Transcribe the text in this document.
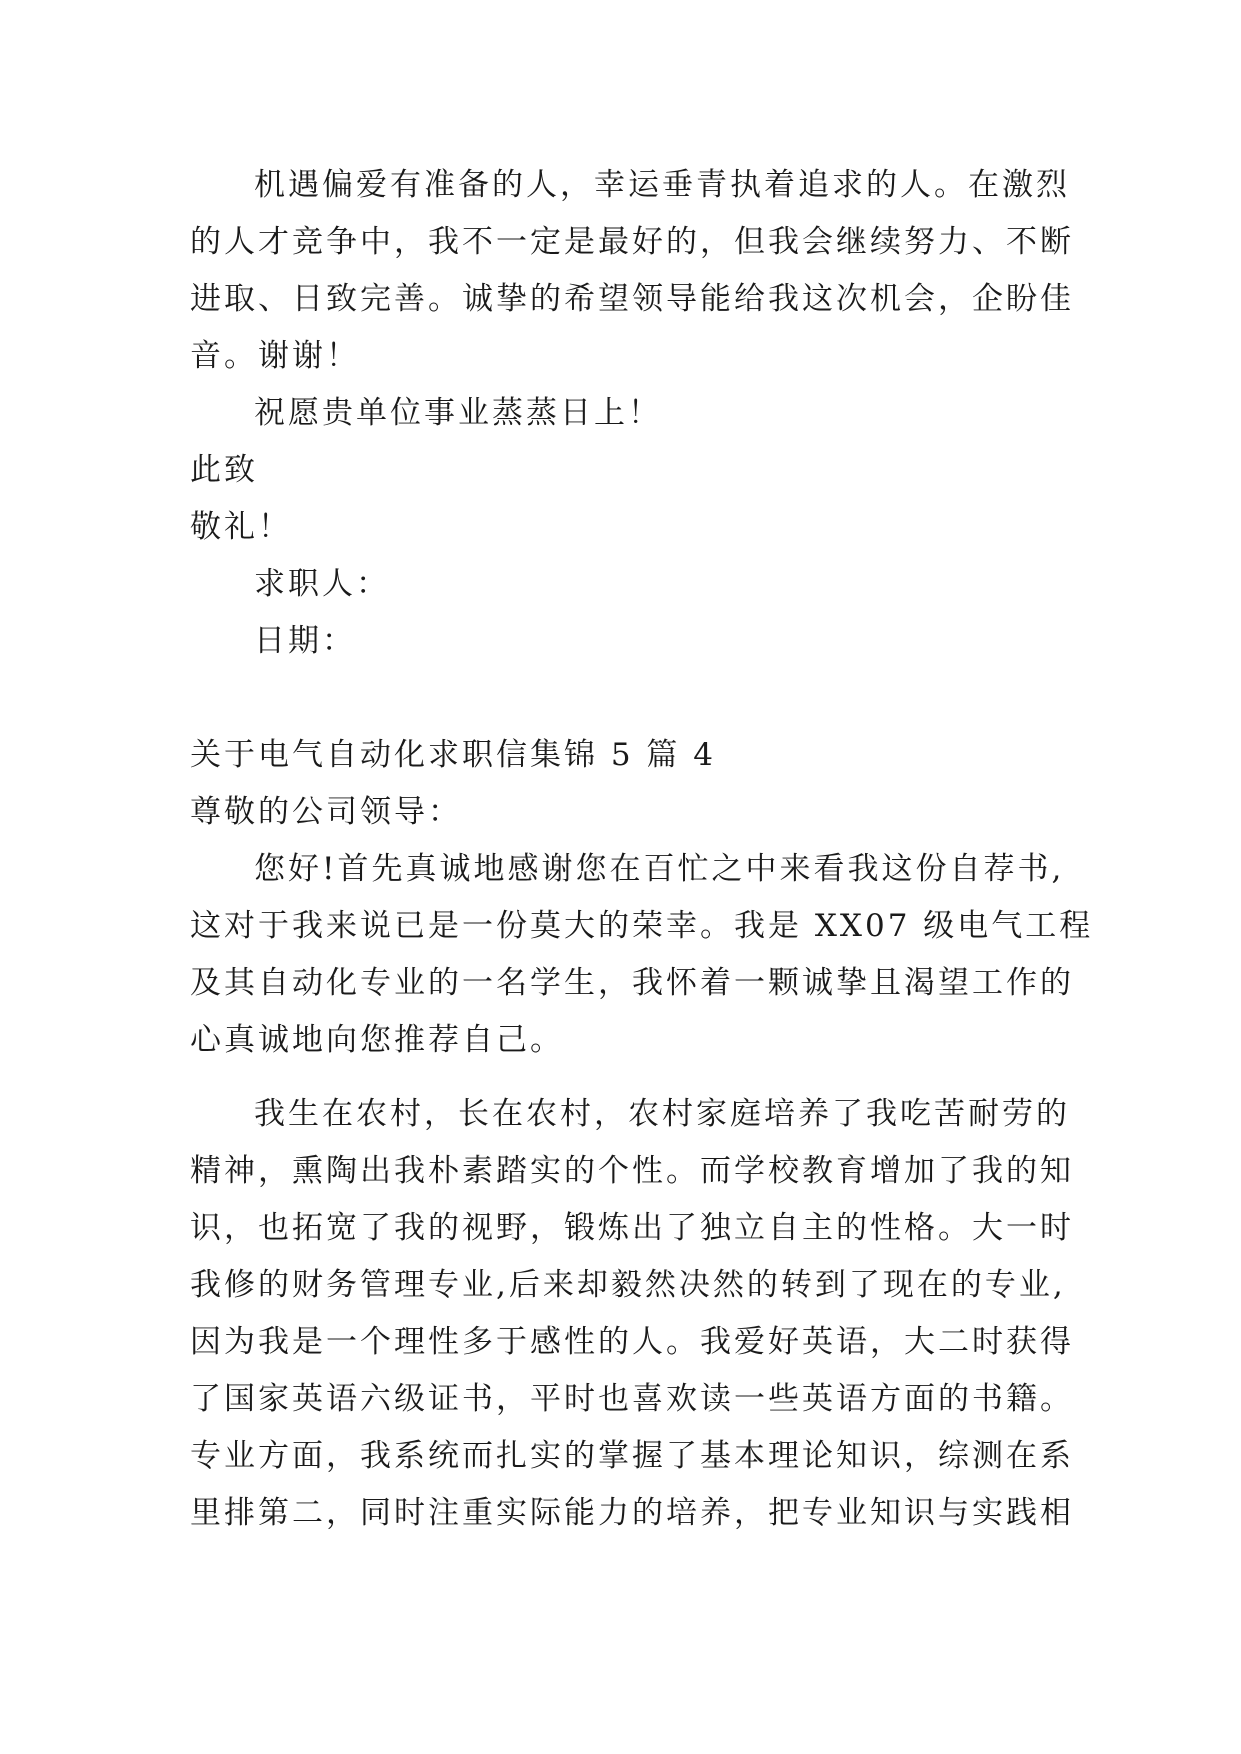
机遇偏爱有准备的人，幸运垂青执着追求的人。在激烈
的人才竞争中，我不一定是最好的，但我会继续努力、不断
进取、日致完善。诚挚的希望领导能给我这次机会，企盼佳
音。谢谢！
祝愿贵单位事业蒸蒸日上！
此致
敬礼！
求职人：
日期：
关于电气自动化求职信集锦 5 篇 4
尊敬的公司领导：
您好!首先真诚地感谢您在百忙之中来看我这份自荐书,
这对于我来说已是一份莫大的荣幸。我是 XX07 级电气工程
及其自动化专业的一名学生，我怀着一颗诚挚且渴望工作的
心真诚地向您推荐自己。
我生在农村，长在农村，农村家庭培养了我吃苦耐劳的
精神，熏陶出我朴素踏实的个性。而学校教育增加了我的知
识，也拓宽了我的视野，锻炼出了独立自主的性格。大一时
我修的财务管理专业,后来却毅然决然的转到了现在的专业,
因为我是一个理性多于感性的人。我爱好英语，大二时获得
了国家英语六级证书，平时也喜欢读一些英语方面的书籍。
专业方面，我系统而扎实的掌握了基本理论知识，综测在系
里排第二，同时注重实际能力的培养，把专业知识与实践相
